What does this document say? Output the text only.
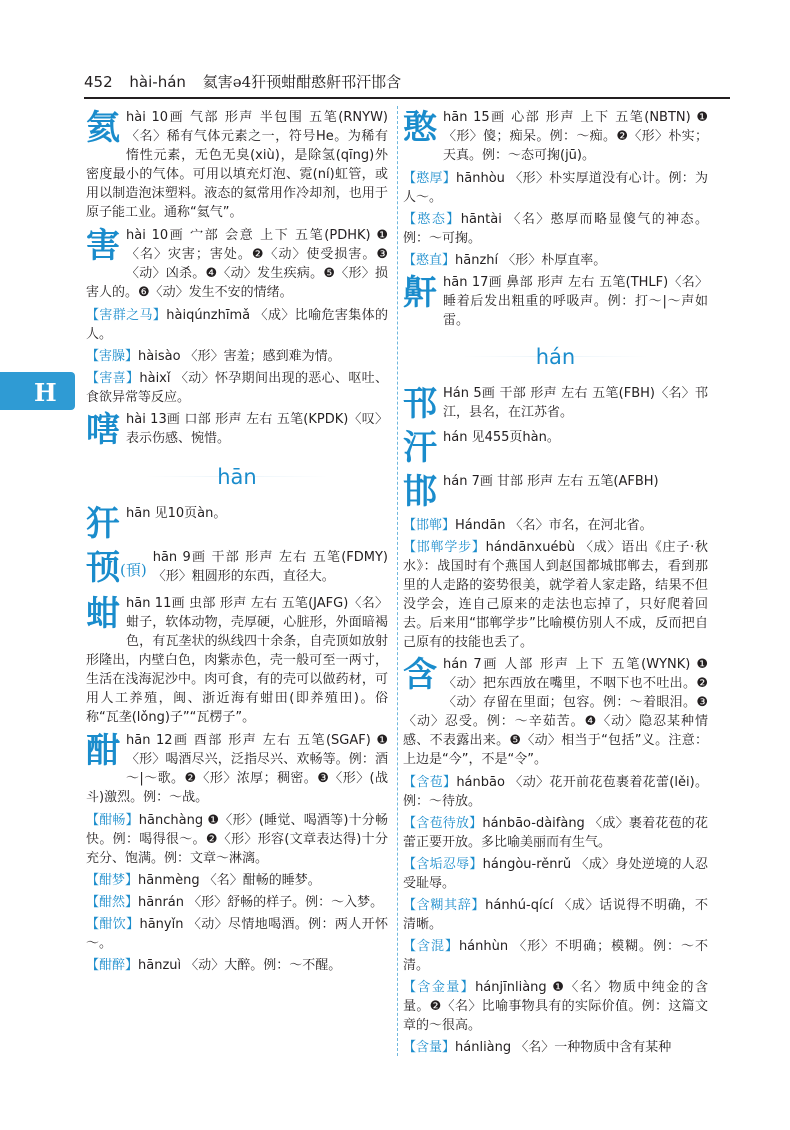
452 hài-hán 氦害ǝ4犴顸蚶酣憨鼾邗汗邯含
H
氦 hài 10画 气部 形声 半包围 五笔(RNYW)〈名〉稀有气体元素之一，符号He。为稀有惰性元素，无色无臭(xiù)，是除氢(qīng)外密度最小的气体。可用以填充灯泡、霓(ní)虹管，或用以制造泡沫塑料。液态的氦常用作冷却剂，也用于原子能工业。通称“氦气”。
害 hài 10画 宀部 会意 上下 五笔(PDHK) ❶〈名〉灾害；害处。❷〈动〉使受损害。❸〈动〉凶杀。❹〈动〉发生疾病。❺〈形〉损害人的。❻〈动〉发生不安的情绪。
【害群之马】hàiqúnzhīmǎ 〈成〉比喻危害集体的人。
【害臊】hàisào 〈形〉害羞；感到难为情。
【害喜】hàixǐ 〈动〉怀孕期间出现的恶心、呕吐、食欲异常等反应。
嗐 hài 13画 口部 形声 左右 五笔(KPDK)〈叹〉表示伤感、惋惜。
hān
犴 hān 见10页àn。
顸(頇)
hān 9画 干部 形声 左右 五笔(FDMY)〈形〉粗圆形的东西，直径大。
蚶 hān 11画 虫部 形声 左右 五笔(JAFG)〈名〉蚶子，软体动物，壳厚硬，心脏形，外面暗褐色，有瓦垄状的纵线四十余条，自壳顶如放射形隆出，内壁白色，肉紫赤色，壳一般可至一两寸，生活在浅海泥沙中。肉可食，有的壳可以做药材，可用人工养殖，闽、浙近海有蚶田(即养殖田)。俗称“瓦垄(lǒng)子”“瓦楞子”。
酣 hān 12画 酉部 形声 左右 五笔(SGAF) ❶〈形〉喝酒尽兴，泛指尽兴、欢畅等。例：酒～|～歌。❷〈形〉浓厚；稠密。❸〈形〉(战斗)激烈。例：～战。
【酣畅】hānchàng ❶〈形〉(睡觉、喝酒等)十分畅快。例：喝得很～。❷〈形〉形容(文章表达得)十分充分、饱满。例：文章～淋漓。
【酣梦】hānmèng 〈名〉酣畅的睡梦。
【酣然】hānrán 〈形〉舒畅的样子。例：～入梦。
【酣饮】hānyǐn 〈动〉尽情地喝酒。例：两人开怀～。
【酣醉】hānzuì 〈动〉大醉。例：～不醒。
憨 hān 15画 心部 形声 上下 五笔(NBTN) ❶〈形〉傻；痴呆。例：～痴。❷〈形〉朴实；天真。例：～态可掬(jū)。
【憨厚】hānhòu 〈形〉朴实厚道没有心计。例：为人～。
【憨态】hāntài 〈名〉憨厚而略显傻气的神态。例：～可掬。
【憨直】hānzhí 〈形〉朴厚直率。
鼾 hān 17画 鼻部 形声 左右 五笔(THLF)〈名〉睡着后发出粗重的呼吸声。例：打～|～声如雷。
hán
邗 Hán 5画 干部 形声 左右 五笔(FBH)〈名〉邗江，县名，在江苏省。
汗 hán 见455页hàn。
邯 hán 7画 甘部 形声 左右 五笔(AFBH)
【邯郸】Hándān 〈名〉市名，在河北省。
【邯郸学步】hándānxuébù 〈成〉语出《庄子·秋水》：战国时有个燕国人到赵国都城邯郸去，看到那里的人走路的姿势很美，就学着人家走路，结果不但没学会，连自己原来的走法也忘掉了，只好爬着回去。后来用“邯郸学步”比喻模仿别人不成，反而把自己原有的技能也丢了。
含 hán 7画 人部 形声 上下 五笔(WYNK) ❶〈动〉把东西放在嘴里，不咽下也不吐出。❷〈动〉存留在里面；包容。例：～着眼泪。❸〈动〉忍受。例：～辛茹苦。❹〈动〉隐忍某种情感、不表露出来。❺〈动〉相当于“包括”义。注意：上边是“今”，不是“令”。
【含苞】hánbāo 〈动〉花开前花苞裹着花蕾(lěi)。例：～待放。
【含苞待放】hánbāo-dàifàng 〈成〉裹着花苞的花蕾正要开放。多比喻美丽而有生气。
【含垢忍辱】hángòu-rěnrǔ 〈成〉身处逆境的人忍受耻辱。
【含糊其辞】hánhú-qící 〈成〉话说得不明确，不清晰。
【含混】hánhùn 〈形〉不明确；模糊。例：～不清。
【含金量】hánjīnliàng ❶〈名〉物质中纯金的含量。❷〈名〉比喻事物具有的实际价值。例：这篇文章的～很高。
【含量】hánliàng 〈名〉一种物质中含有某种
